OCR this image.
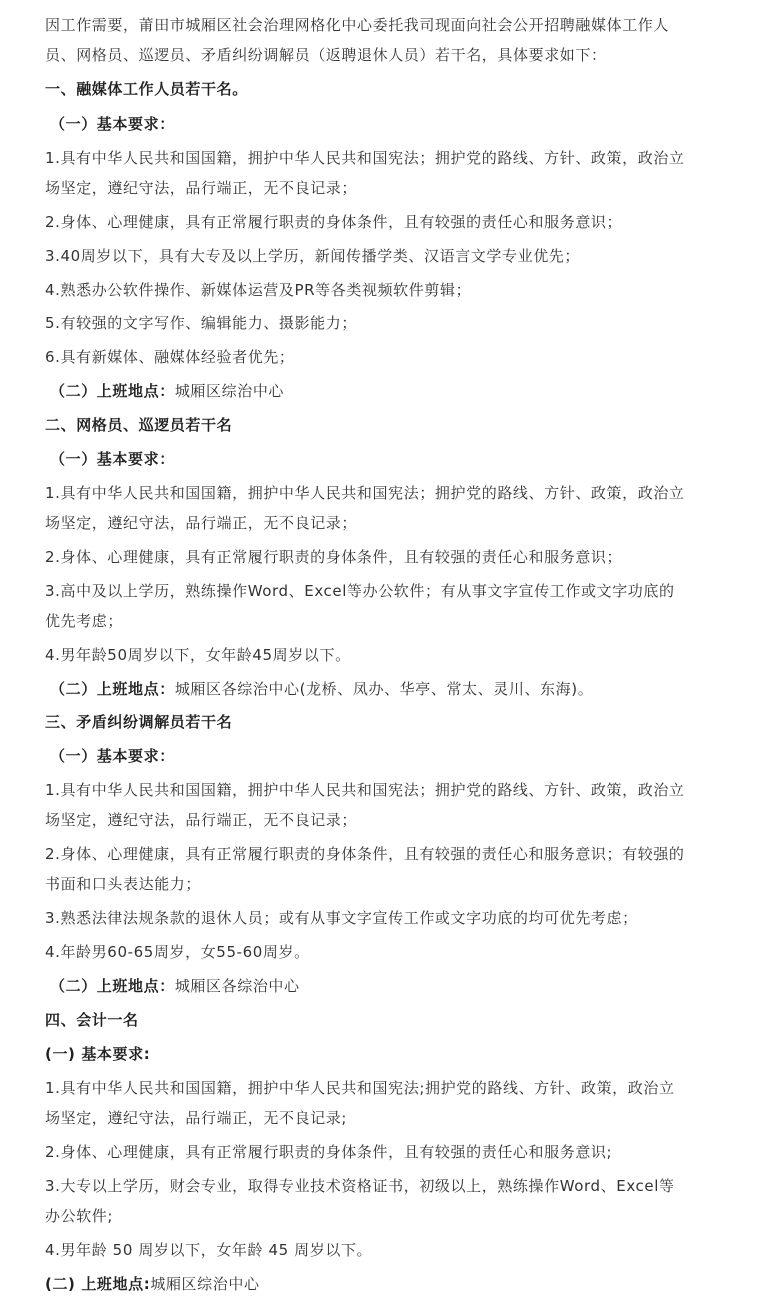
因工作需要，莆田市城厢区社会治理网格化中心委托我司现面向社会公开招聘融媒体工作人

员、网格员、巡逻员、矛盾纠纷调解员（返聘退休人员）若干名，具体要求如下：

一、融媒体工作人员若干名。

（一）基本要求：

1.具有中华人民共和国国籍，拥护中华人民共和国宪法；拥护党的路线、方针、政策，政治立

场坚定，遵纪守法，品行端正，无不良记录；

2.身体、心理健康，具有正常履行职责的身体条件，且有较强的责任心和服务意识；

3.40周岁以下，具有大专及以上学历，新闻传播学类、汉语言文学专业优先；

4.熟悉办公软件操作、新媒体运营及PR等各类视频软件剪辑；

5.有较强的文字写作、编辑能力、摄影能力；

6.具有新媒体、融媒体经验者优先；

（二）上班地点：城厢区综治中心

二、网格员、巡逻员若干名

（一）基本要求：

1.具有中华人民共和国国籍，拥护中华人民共和国宪法；拥护党的路线、方针、政策，政治立

场坚定，遵纪守法，品行端正，无不良记录；

2.身体、心理健康，具有正常履行职责的身体条件，且有较强的责任心和服务意识；

3.高中及以上学历，熟练操作Word、Excel等办公软件；有从事文字宣传工作或文字功底的

优先考虑；

4.男年龄50周岁以下，女年龄45周岁以下。

（二）上班地点：城厢区各综治中心(龙桥、凤办、华亭、常太、灵川、东海)。

三、矛盾纠纷调解员若干名

（一）基本要求：

1.具有中华人民共和国国籍，拥护中华人民共和国宪法；拥护党的路线、方针、政策，政治立

场坚定，遵纪守法，品行端正，无不良记录；

2.身体、心理健康，具有正常履行职责的身体条件，且有较强的责任心和服务意识；有较强的

书面和口头表达能力；

3.熟悉法律法规条款的退休人员；或有从事文字宣传工作或文字功底的均可优先考虑；

4.年龄男60-65周岁，女55-60周岁。

（二）上班地点：城厢区各综治中心

四、会计一名

(一) 基本要求:

1.具有中华人民共和国国籍，拥护中华人民共和国宪法;拥护党的路线、方针、政策，政治立

场坚定，遵纪守法，品行端正，无不良记录;

2.身体、心理健康，具有正常履行职责的身体条件，且有较强的责任心和服务意识;

3.大专以上学历，财会专业，取得专业技术资格证书，初级以上，熟练操作Word、Excel等

办公软件;

4.男年龄 50 周岁以下，女年龄 45 周岁以下。

(二) 上班地点:城厢区综治中心
